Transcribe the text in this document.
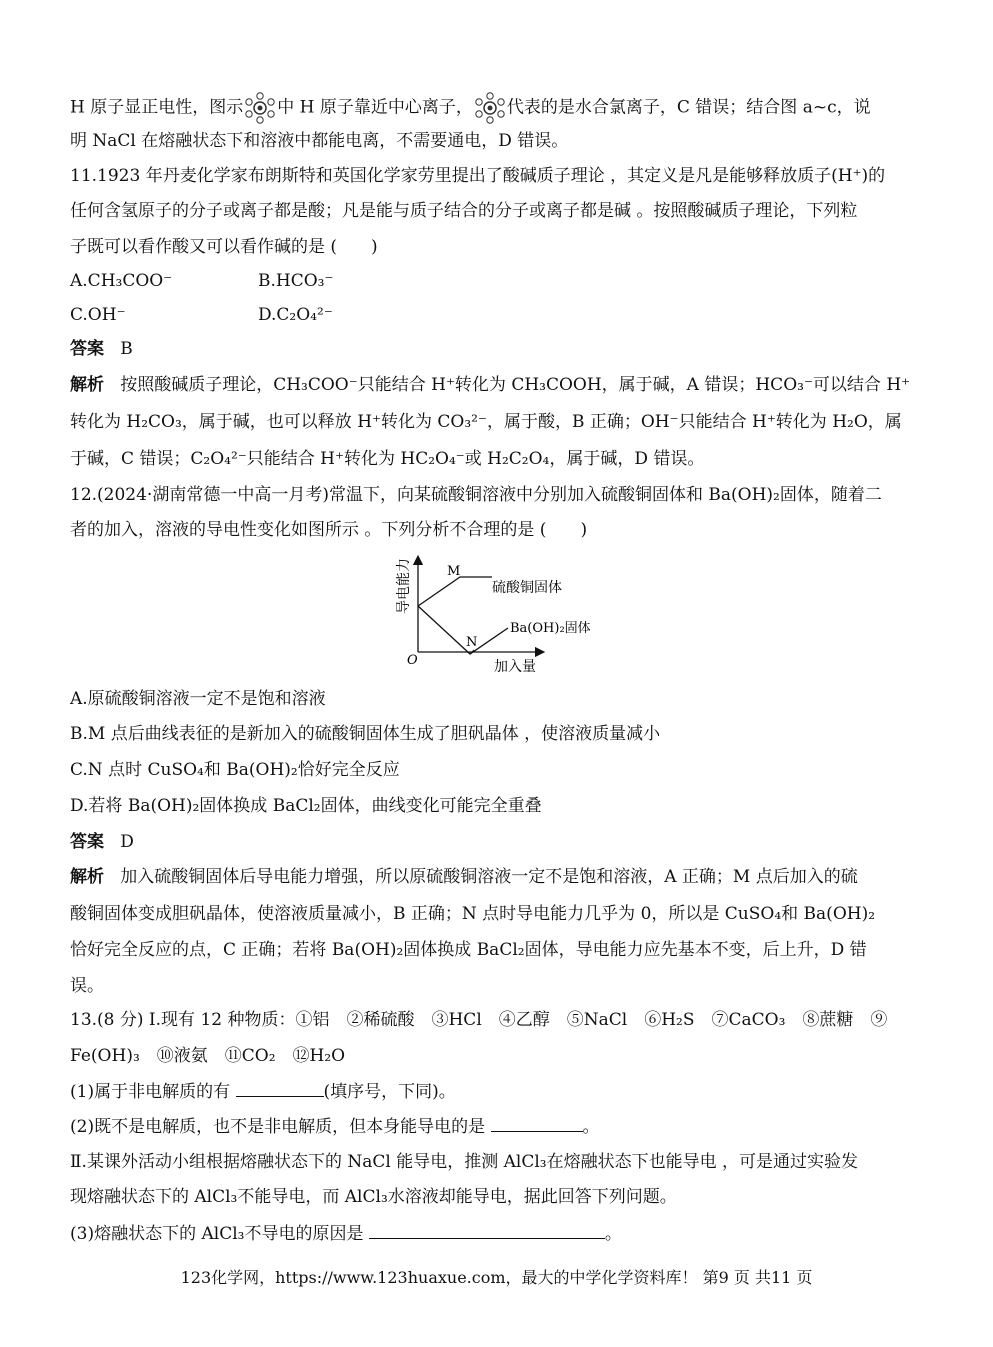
H 原子显正电性，图示 中 H 原子靠近中心离子， 代表的是水合氯离子，C 错误；结合图 a~c，说
明 NaCl 在熔融状态下和溶液中都能电离，不需要通电，D 错误。
11.1923 年丹麦化学家布朗斯特和英国化学家劳里提出了酸碱质子理论 ，其定义是凡是能够释放质子(H⁺)的
任何含氢原子的分子或离子都是酸；凡是能与质子结合的分子或离子都是碱 。按照酸碱质子理论，下列粒
子既可以看作酸又可以看作碱的是 (　　)
A.CH₃COO⁻	B.HCO₃⁻
C.OH⁻	D.C₂O₄²⁻
答案 B
解析 按照酸碱质子理论，CH₃COO⁻只能结合 H⁺转化为 CH₃COOH，属于碱，A 错误；HCO₃⁻可以结合 H⁺
转化为 H₂CO₃，属于碱，也可以释放 H⁺转化为 CO₃²⁻，属于酸，B 正确；OH⁻只能结合 H⁺转化为 H₂O，属
于碱，C 错误；C₂O₄²⁻只能结合 H⁺转化为 HC₂O₄⁻或 H₂C₂O₄，属于碱，D 错误。
12.(2024·湖南常德一中高一月考)常温下，向某硫酸铜溶液中分别加入硫酸铜固体和 Ba(OH)₂固体，随着二
者的加入，溶液的导电性变化如图所示 。下列分析不合理的是 (　　)
导电能力
O
M
N
硫酸铜固体
Ba(OH)₂固体
加入量
A.原硫酸铜溶液一定不是饱和溶液
B.M 点后曲线表征的是新加入的硫酸铜固体生成了胆矾晶体 ，使溶液质量减小
C.N 点时 CuSO₄和 Ba(OH)₂恰好完全反应
D.若将 Ba(OH)₂固体换成 BaCl₂固体，曲线变化可能完全重叠
答案 D
解析 加入硫酸铜固体后导电能力增强，所以原硫酸铜溶液一定不是饱和溶液，A 正确；M 点后加入的硫
酸铜固体变成胆矾晶体，使溶液质量减小，B 正确；N 点时导电能力几乎为 0，所以是 CuSO₄和 Ba(OH)₂
恰好完全反应的点，C 正确；若将 Ba(OH)₂固体换成 BaCl₂固体，导电能力应先基本不变，后上升，D 错
误。
13.(8 分) Ⅰ.现有 12 种物质：①铝　②稀硫酸　③HCl　④乙醇　⑤NaCl　⑥H₂S　⑦CaCO₃　⑧蔗糖　⑨
Fe(OH)₃　⑩液氨　⑪CO₂　⑫H₂O
(1)属于非电解质的有	(填序号，下同)。
(2)既不是电解质，也不是非电解质，但本身能导电的是	。
Ⅱ.某课外活动小组根据熔融状态下的 NaCl 能导电，推测 AlCl₃在熔融状态下也能导电 ，可是通过实验发
现熔融状态下的 AlCl₃不能导电，而 AlCl₃水溶液却能导电，据此回答下列问题。
(3)熔融状态下的 AlCl₃不导电的原因是	。
123化学网，https://www.123huaxue.com，最大的中学化学资料库！ 第9 页 共11 页
